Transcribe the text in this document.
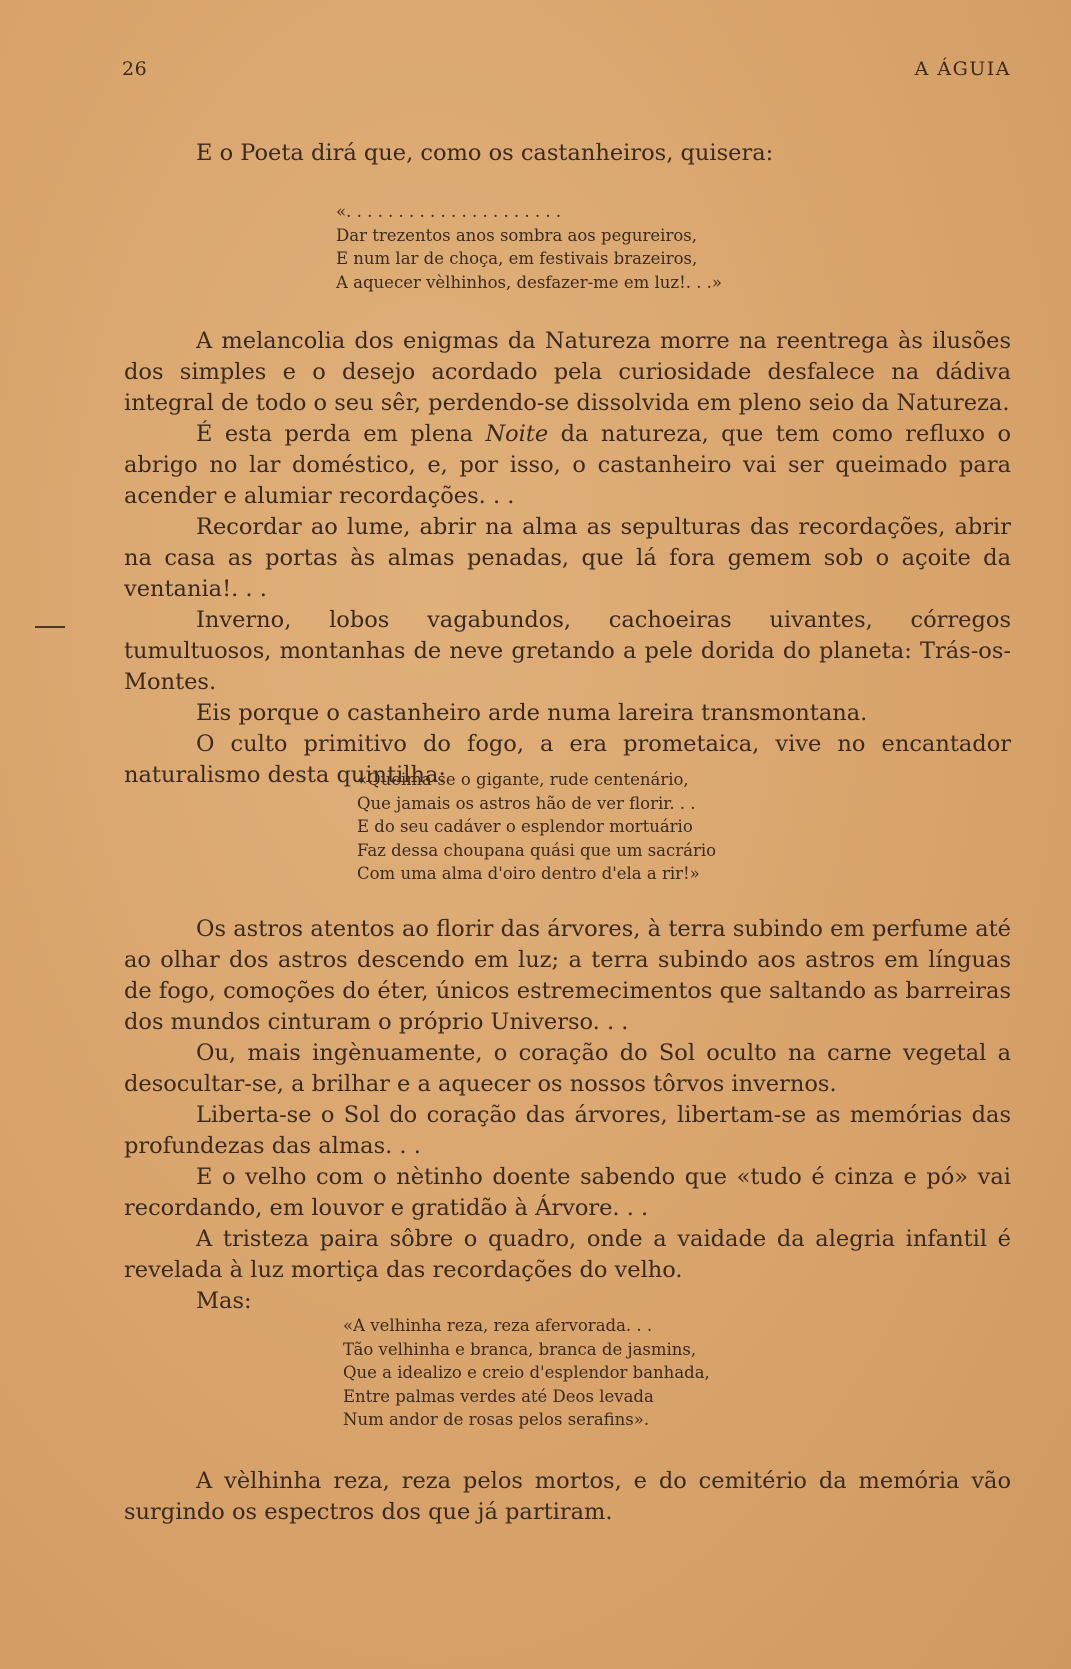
26	A ÁGUIA

E o Poeta dirá que, como os castanheiros, quisera:

«. . . . . . . . . . . . . . . . . . . . .
Dar trezentos anos sombra aos pegureiros,
E num lar de choça, em festivais brazeiros,
A aquecer vèlhinhos, desfazer-me em luz!. . .»

A melancolia dos enigmas da Natureza morre na reentrega às ilusões dos simples e o desejo acordado pela curiosidade desfalece na dádiva integral de todo o seu sêr, perdendo-se dissolvida em pleno seio da Natureza.

É esta perda em plena Noite da natureza, que tem como refluxo o abrigo no lar doméstico, e, por isso, o castanheiro vai ser queimado para acender e alumiar recordações. . .

Recordar ao lume, abrir na alma as sepulturas das recordações, abrir na casa as portas às almas penadas, que lá fora gemem sob o açoite da ventania!. . .

Inverno, lobos vagabundos, cachoeiras uivantes, córregos tumultuosos, montanhas de neve gretando a pele dorida do planeta: Trás-os-Montes.

Eis porque o castanheiro arde numa lareira transmontana.

O culto primitivo do fogo, a era prometaica, vive no encantador naturalismo desta quintilha:

«Queima-se o gigante, rude centenário,
Que jamais os astros hão de ver florir. . .
E do seu cadáver o esplendor mortuário
Faz dessa choupana quási que um sacrário
Com uma alma d'oiro dentro d'ela a rir!»

Os astros atentos ao florir das árvores, à terra subindo em perfume até ao olhar dos astros descendo em luz; a terra subindo aos astros em línguas de fogo, comoções do éter, únicos estremecimentos que saltando as barreiras dos mundos cinturam o próprio Universo. . .

Ou, mais ingènuamente, o coração do Sol oculto na carne vegetal a desocultar-se, a brilhar e a aquecer os nossos tôrvos invernos.

Liberta-se o Sol do coração das árvores, libertam-se as memórias das profundezas das almas. . .

E o velho com o nètinho doente sabendo que «tudo é cinza e pó» vai recordando, em louvor e gratidão à Árvore. . .

A tristeza paira sôbre o quadro, onde a vaidade da alegria infantil é revelada à luz mortiça das recordações do velho.

Mas:

«A velhinha reza, reza afervorada. . .
Tão velhinha e branca, branca de jasmins,
Que a idealizo e creio d'esplendor banhada,
Entre palmas verdes até Deos levada
Num andor de rosas pelos serafins».

A vèlhinha reza, reza pelos mortos, e do cemitério da memória vão surgindo os espectros dos que já partiram.
